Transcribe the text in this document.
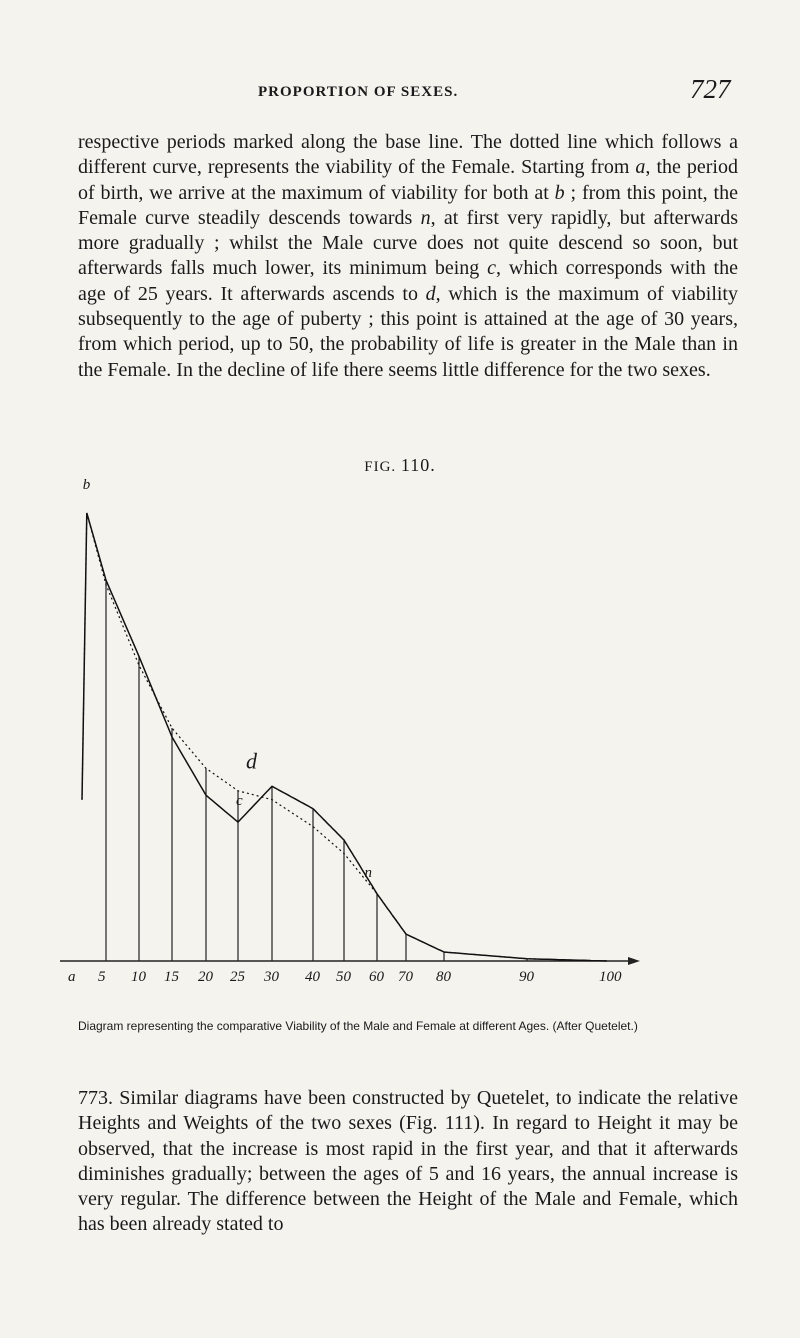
PROPORTION OF SEXES.	727

respective periods marked along the base line. The dotted line which follows a different curve, represents the viability of the Female. Starting from a, the period of birth, we arrive at the maximum of viability for both at b ; from this point, the Female curve steadily descends towards n, at first very rapidly, but afterwards more gradually ; whilst the Male curve does not quite descend so soon, but afterwards falls much lower, its minimum being c, which corresponds with the age of 25 years. It afterwards ascends to d, which is the maximum of viability subsequently to the age of puberty ; this point is attained at the age of 30 years, from which period, up to 50, the probability of life is greater in the Male than in the Female. In the decline of life there seems little difference for the two sexes.

FIG. 110.
a 5 10 15 20 25 30 40 50 60 70 80	90	100
b
c
d
n

Diagram representing the comparative Viability of the Male and Female at different Ages. (After Quetelet.)

773. Similar diagrams have been constructed by Quetelet, to indicate the relative Heights and Weights of the two sexes (Fig. 111). In regard to Height it may be observed, that the increase is most rapid in the first year, and that it afterwards diminishes gradually; between the ages of 5 and 16 years, the annual increase is very regular. The difference between the Height of the Male and Female, which has been already stated to
